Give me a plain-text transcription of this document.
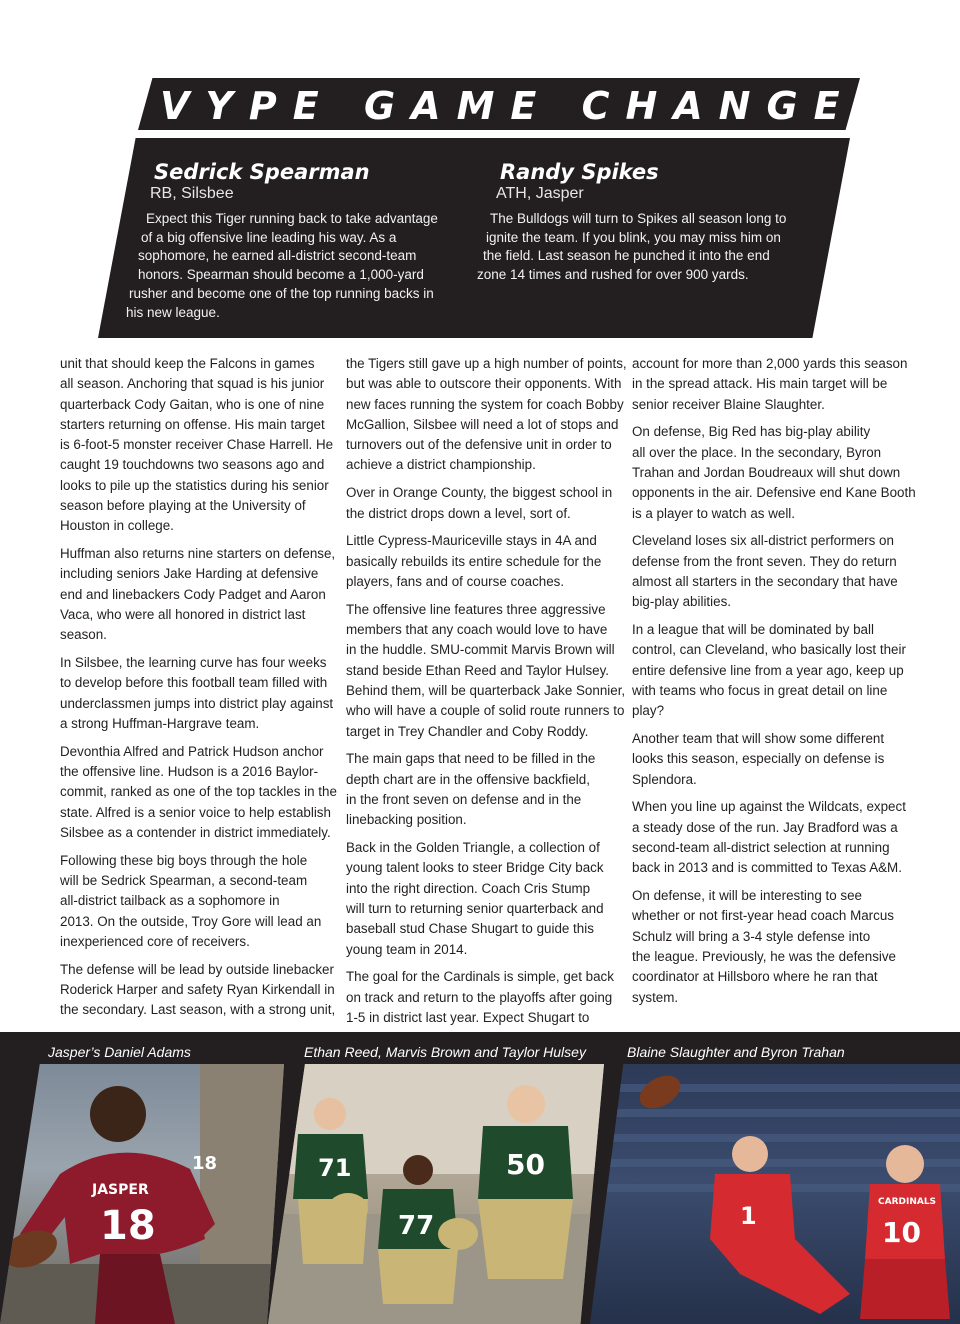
VYPE GAME CHANGERS
Sedrick Spearman
RB, Silsbee
Expect this Tiger running back to take advantage
of a big offensive line leading his way. As a
sophomore, he earned all-district second-team
honors. Spearman should become a 1,000-yard
rusher and become one of the top running backs in
his new league.
Randy Spikes
ATH, Jasper
The Bulldogs will turn to Spikes all season long to
ignite the team. If you blink, you may miss him on
the field. Last season he punched it into the end
zone 14 times and rushed for over 900 yards.

unit that should keep the Falcons in games
all season. Anchoring that squad is his junior
quarterback Cody Gaitan, who is one of nine
starters returning on offense. His main target
is 6-foot-5 monster receiver Chase Harrell. He
caught 19 touchdowns two seasons ago and
looks to pile up the statistics during his senior
season before playing at the University of
Houston in college.

Huffman also returns nine starters on defense,
including seniors Jake Harding at defensive
end and linebackers Cody Padget and Aaron
Vaca, who were all honored in district last
season.

In Silsbee, the learning curve has four weeks
to develop before this football team filled with
underclassmen jumps into district play against
a strong Huffman-Hargrave team.

Devonthia Alfred and Patrick Hudson anchor
the offensive line. Hudson is a 2016 Baylor-
commit, ranked as one of the top tackles in the
state. Alfred is a senior voice to help establish
Silsbee as a contender in district immediately.

Following these big boys through the hole
will be Sedrick Spearman, a second-team
all-district tailback as a sophomore in
2013. On the outside, Troy Gore will lead an
inexperienced core of receivers.

The defense will be lead by outside linebacker
Roderick Harper and safety Ryan Kirkendall in
the secondary. Last season, with a strong unit,

the Tigers still gave up a high number of points,
but was able to outscore their opponents. With
new faces running the system for coach Bobby
McGallion, Silsbee will need a lot of stops and
turnovers out of the defensive unit in order to
achieve a district championship.

Over in Orange County, the biggest school in
the district drops down a level, sort of.

Little Cypress-Mauriceville stays in 4A and
basically rebuilds its entire schedule for the
players, fans and of course coaches.

The offensive line features three aggressive
members that any coach would love to have
in the huddle. SMU-commit Marvis Brown will
stand beside Ethan Reed and Taylor Hulsey.
Behind them, will be quarterback Jake Sonnier,
who will have a couple of solid route runners to
target in Trey Chandler and Coby Roddy.

The main gaps that need to be filled in the
depth chart are in the offensive backfield,
in the front seven on defense and in the
linebacking position.

Back in the Golden Triangle, a collection of
young talent looks to steer Bridge City back
into the right direction. Coach Cris Stump
will turn to returning senior quarterback and
baseball stud Chase Shugart to guide this
young team in 2014.

The goal for the Cardinals is simple, get back
on track and return to the playoffs after going
1-5 in district last year. Expect Shugart to

account for more than 2,000 yards this season
in the spread attack. His main target will be
senior receiver Blaine Slaughter.

On defense, Big Red has big-play ability
all over the place. In the secondary, Byron
Trahan and Jordan Boudreaux will shut down
opponents in the air. Defensive end Kane Booth
is a player to watch as well.

Cleveland loses six all-district performers on
defense from the front seven. They do return
almost all starters in the secondary that have
big-play abilities.

In a league that will be dominated by ball
control, can Cleveland, who basically lost their
entire defensive line from a year ago, keep up
with teams who focus in great detail on line
play?

Another team that will show some different
looks this season, especially on defense is
Splendora.

When you line up against the Wildcats, expect
a steady dose of the run. Jay Bradford was a
second-team all-district selection at running
back in 2013 and is committed to Texas A&M.

On defense, it will be interesting to see
whether or not first-year head coach Marcus
Schulz will bring a 3-4 style defense into
the league. Previously, he was the defensive
coordinator at Hillsboro where he ran that
system.

Jasper’s Daniel Adams	Ethan Reed, Marvis Brown and Taylor Hulsey	Blaine Slaughter and Byron Trahan
JASPER
18
18	71
77
50
1	CARDINALS
10
